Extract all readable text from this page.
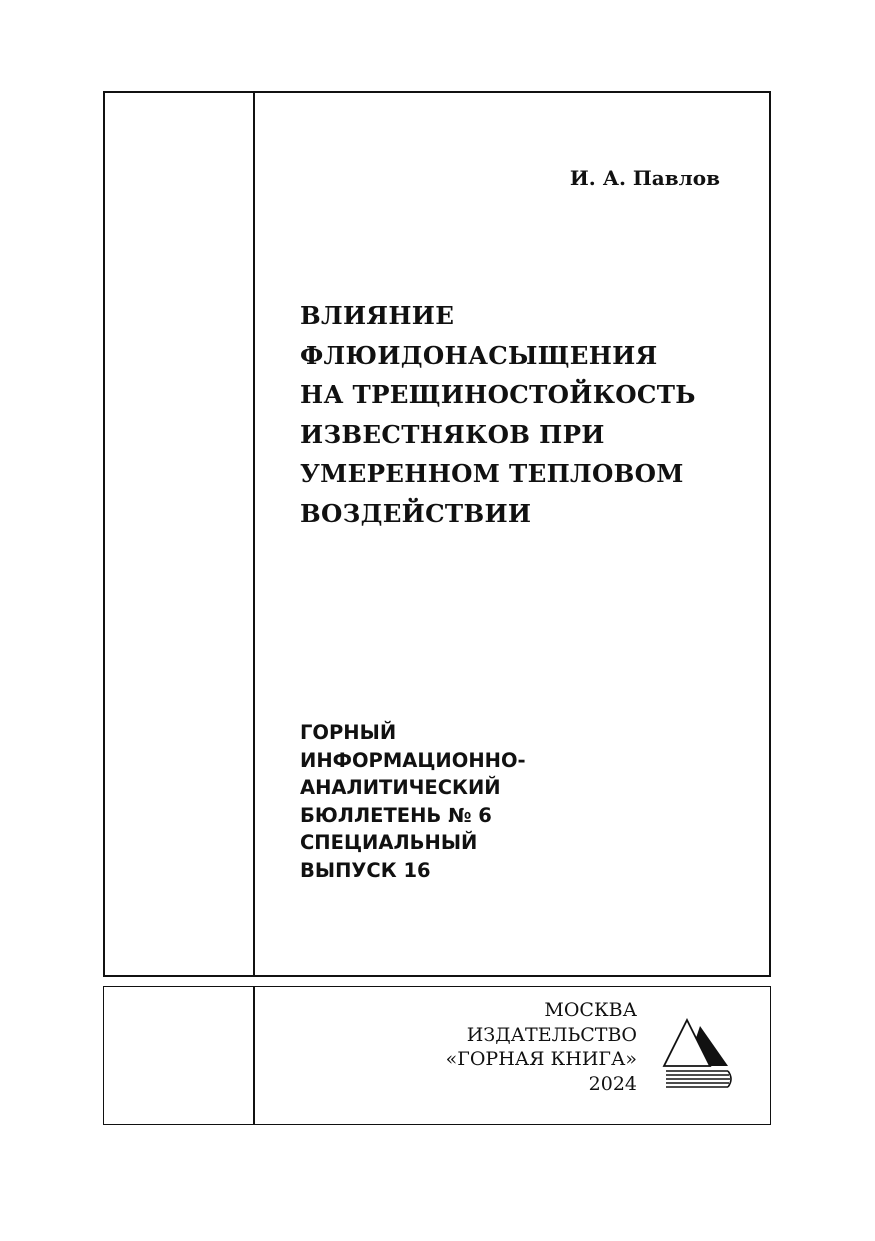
И. А. Павлов
ВЛИЯНИЕ
ФЛЮИДОНАСЫЩЕНИЯ
НА ТРЕЩИНОСТОЙКОСТЬ
ИЗВЕСТНЯКОВ ПРИ
УМЕРЕННОМ ТЕПЛОВОМ
ВОЗДЕЙСТВИИ
ГОРНЫЙ
ИНФОРМАЦИОННО-
АНАЛИТИЧЕСКИЙ
БЮЛЛЕТЕНЬ № 6
СПЕЦИАЛЬНЫЙ
ВЫПУСК 16
МОСКВА
ИЗДАТЕЛЬСТВО
«ГОРНАЯ КНИГА»
2024
